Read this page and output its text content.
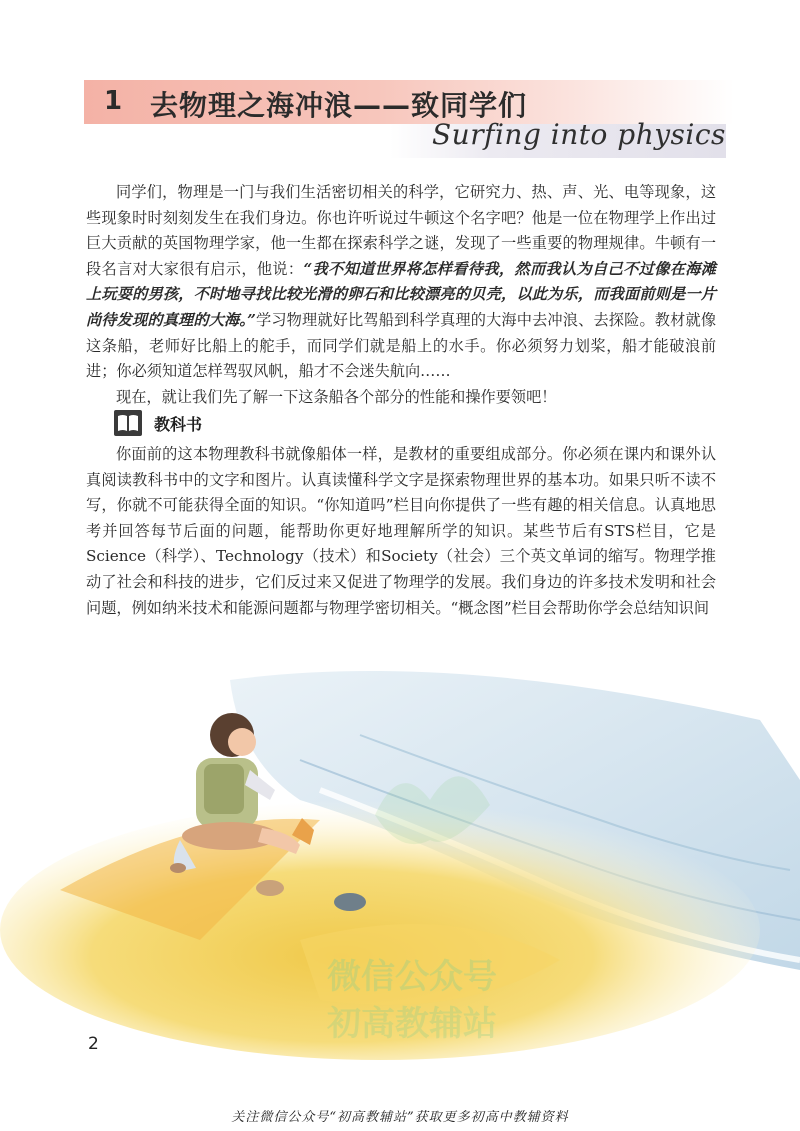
1 去物理之海冲浪——致同学们
Surfing into physics

同学们，物理是一门与我们生活密切相关的科学，它研究力、热、声、光、电等现象，这些现象时时刻刻发生在我们身边。你也许听说过牛顿这个名字吧？他是一位在物理学上作出过巨大贡献的英国物理学家，他一生都在探索科学之谜，发现了一些重要的物理规律。牛顿有一段名言对大家很有启示，他说：“我不知道世界将怎样看待我，然而我认为自己不过像在海滩上玩耍的男孩，不时地寻找比较光滑的卵石和比较漂亮的贝壳，以此为乐，而我面前则是一片尚待发现的真理的大海。”学习物理就好比驾船到科学真理的大海中去冲浪、去探险。教材就像这条船，老师好比船上的舵手，而同学们就是船上的水手。你必须努力划桨，船才能破浪前进；你必须知道怎样驾驭风帆，船才不会迷失航向……

现在，就让我们先了解一下这条船各个部分的性能和操作要领吧！

教科书

你面前的这本物理教科书就像船体一样，是教材的重要组成部分。你必须在课内和课外认真阅读教科书中的文字和图片。认真读懂科学文字是探索物理世界的基本功。如果只听不读不写，你就不可能获得全面的知识。“你知道吗”栏目向你提供了一些有趣的相关信息。认真地思考并回答每节后面的问题，能帮助你更好地理解所学的知识。某些节后有STS栏目，它是Science（科学）、Technology（技术）和Society（社会）三个英文单词的缩写。物理学推动了社会和科技的进步，它们反过来又促进了物理学的发展。我们身边的许多技术发明和社会问题，例如纳米技术和能源问题都与物理学密切相关。“概念图”栏目会帮助你学会总结知识间

微信公众号
初高教辅站
2
关注微信公众号“初高教辅站”获取更多初高中教辅资料
